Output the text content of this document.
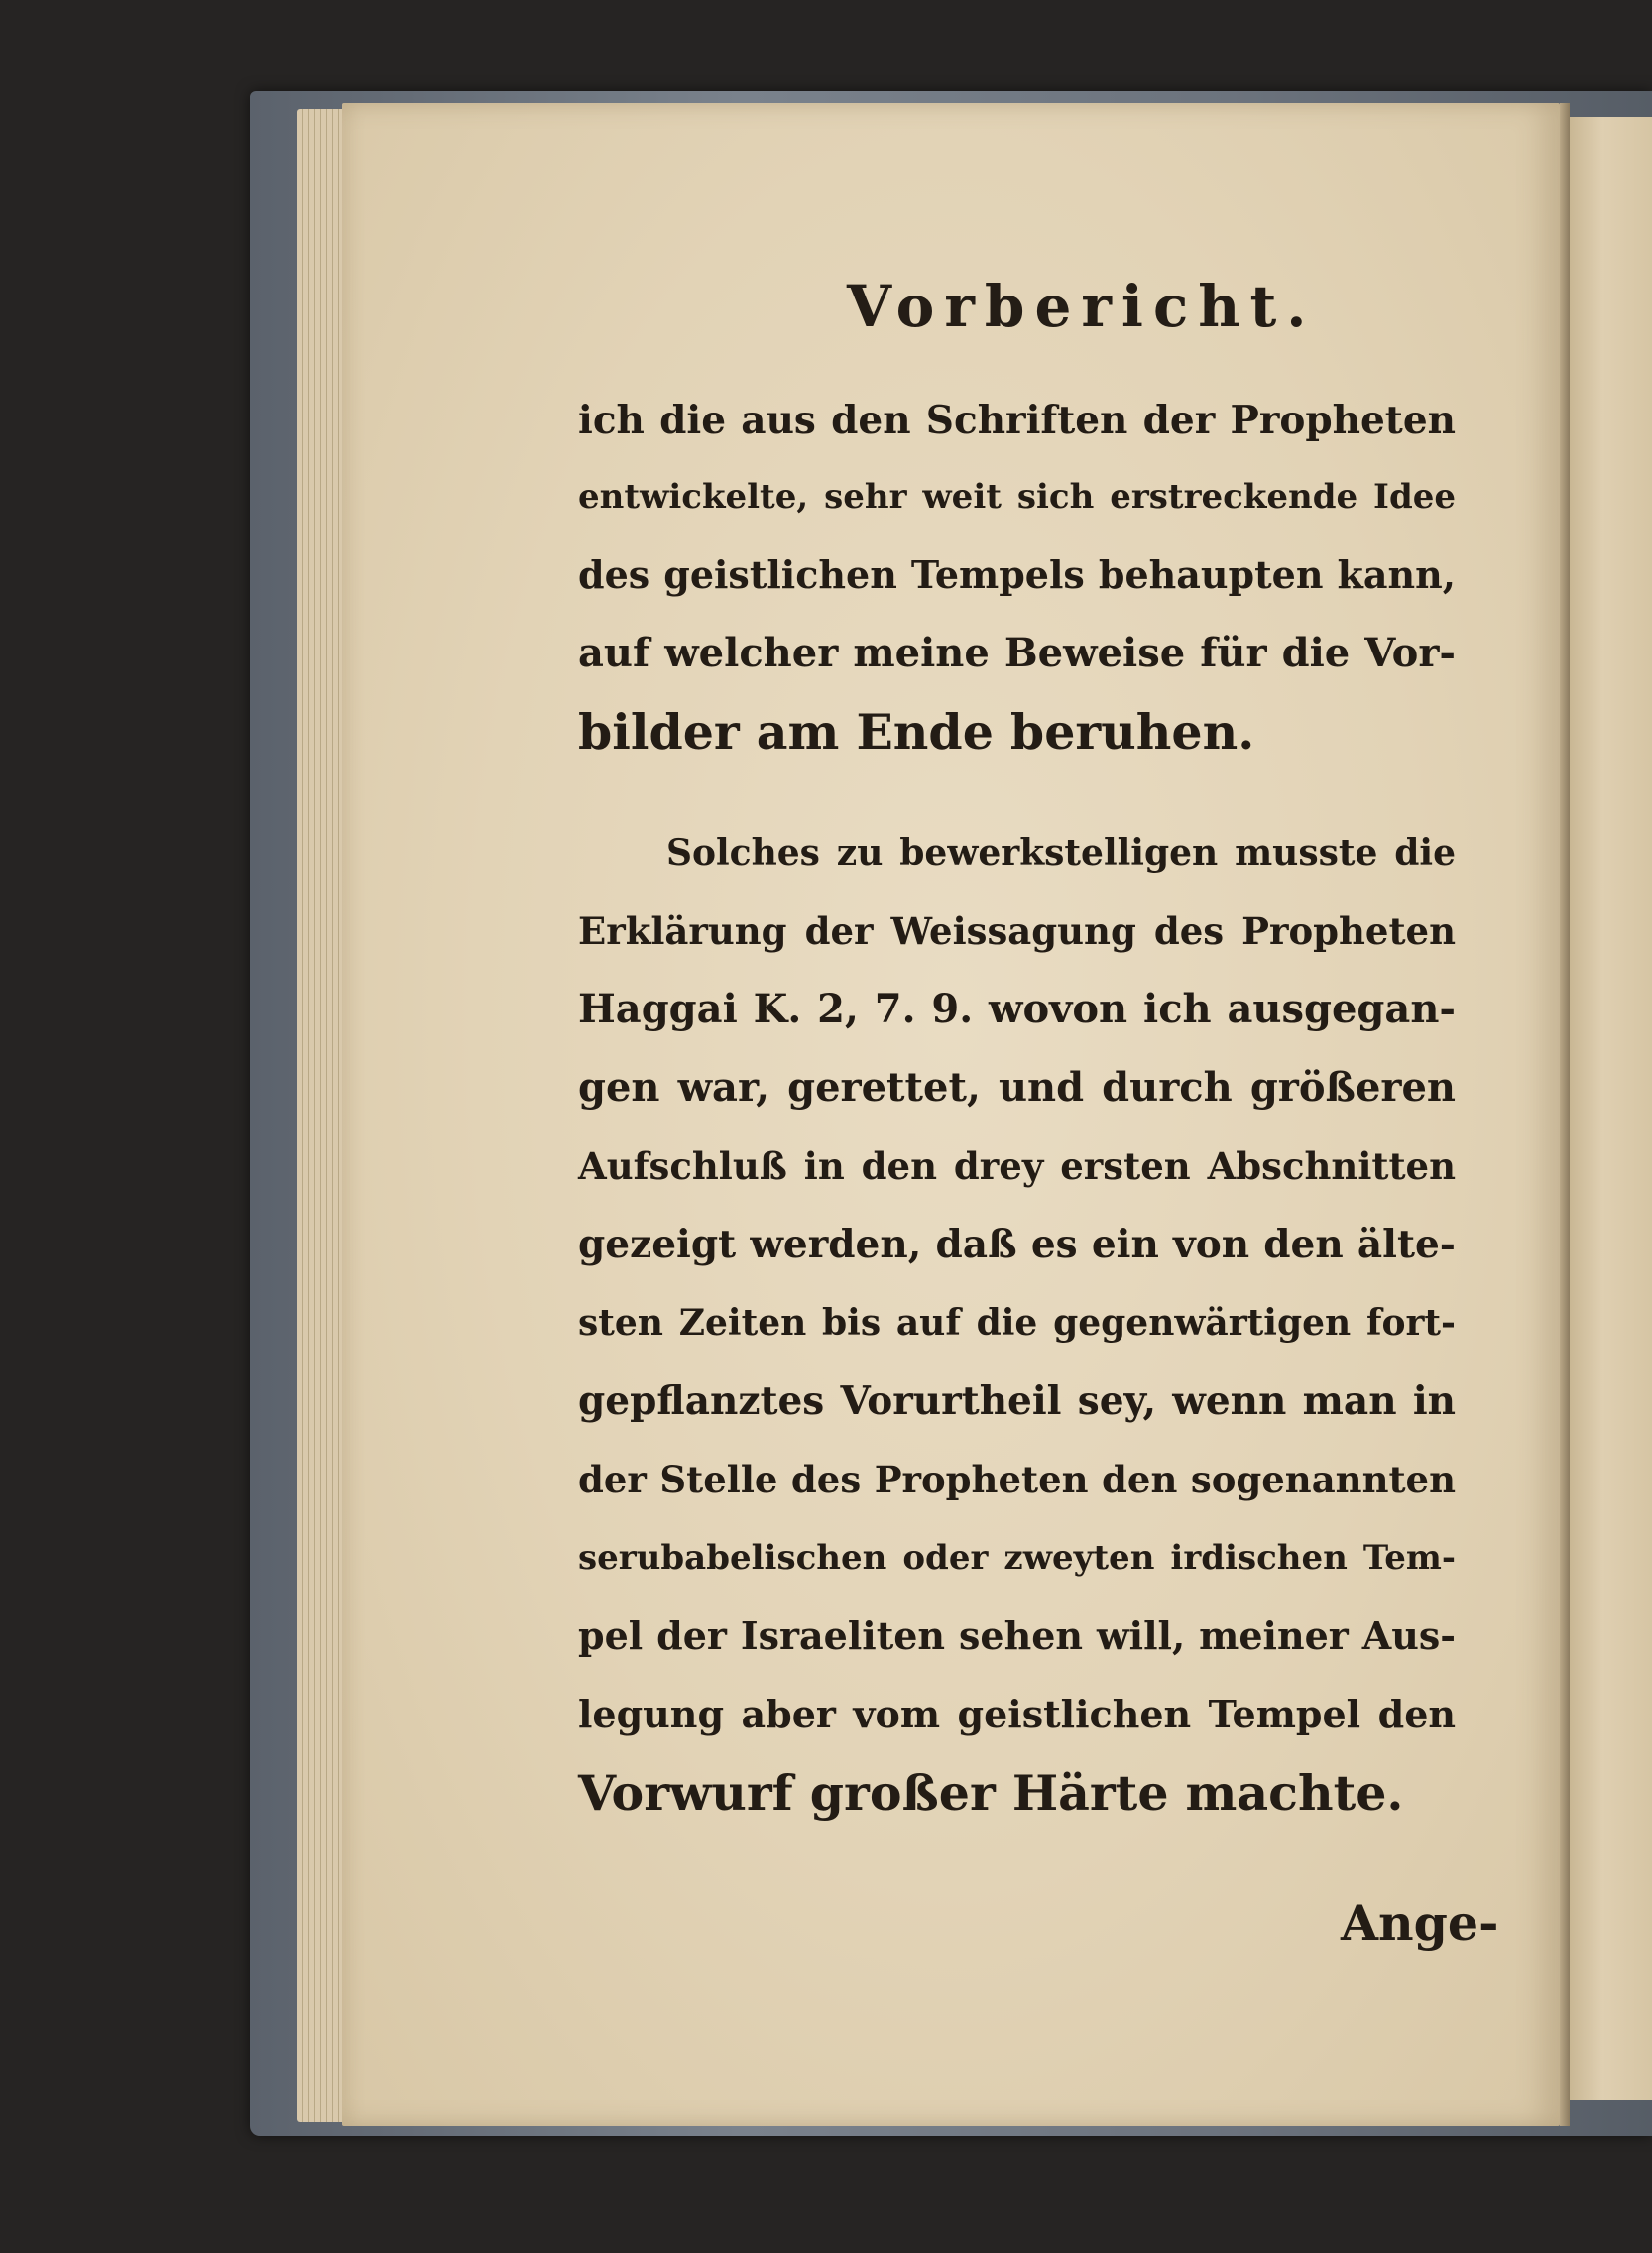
Vorbericht.
ich die aus den Schriften der Propheten
entwickelte, sehr weit sich erstreckende Idee
des geistlichen Tempels behaupten kann,
auf welcher meine Beweise für die Vor-
bilder am Ende beruhen.
Solches zu bewerkstelligen musste die
Erklärung der Weissagung des Propheten
Haggai K. 2, 7. 9. wovon ich ausgegan-
gen war, gerettet, und durch größeren
Aufschluß in den drey ersten Abschnitten
gezeigt werden, daß es ein von den älte-
sten Zeiten bis auf die gegenwärtigen fort-
gepflanztes Vorurtheil sey, wenn man in
der Stelle des Propheten den sogenannten
serubabelischen oder zweyten irdischen Tem-
pel der Israeliten sehen will, meiner Aus-
legung aber vom geistlichen Tempel den
Vorwurf großer Härte machte.
Ange-
